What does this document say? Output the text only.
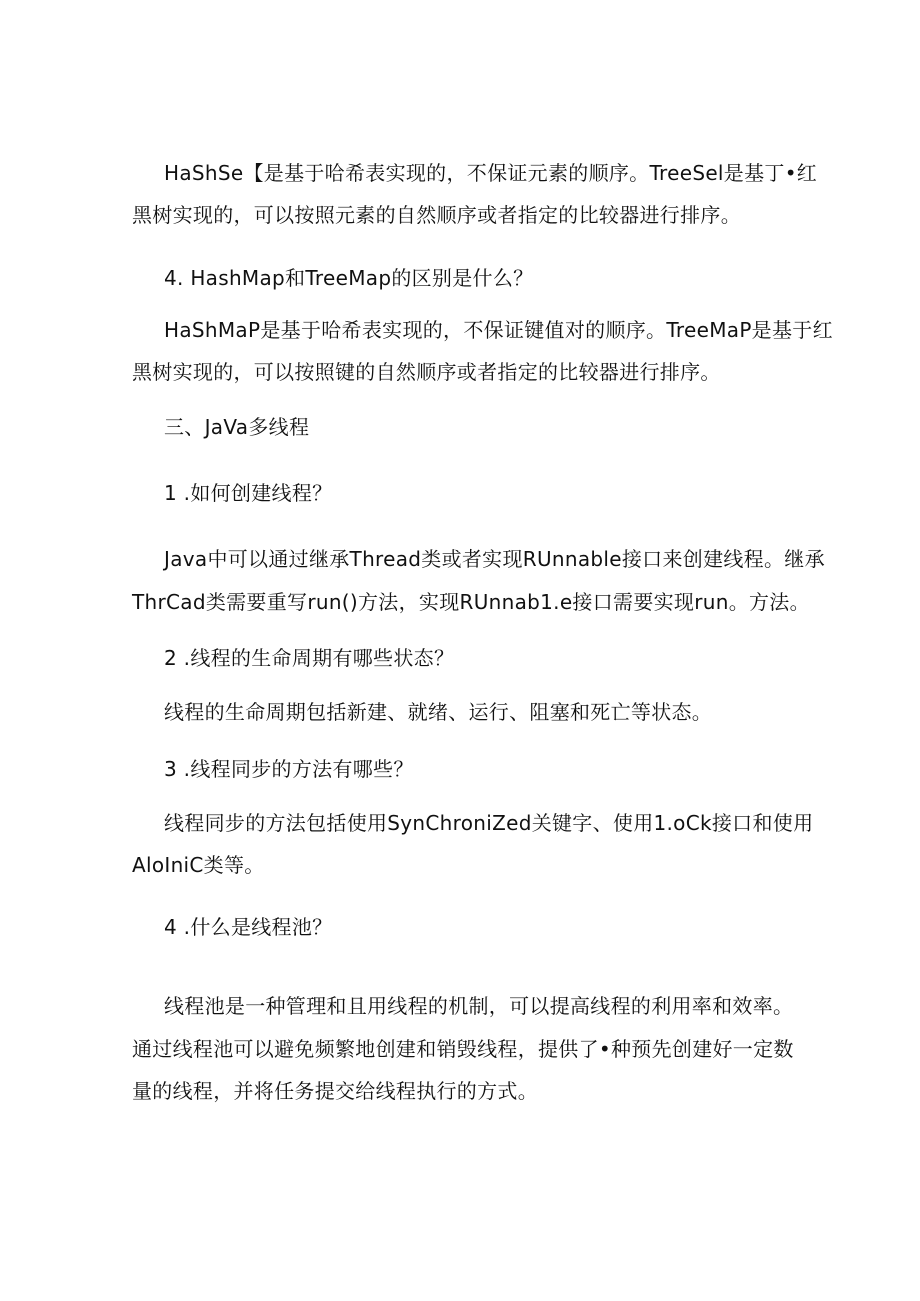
HaShSe【是基于哈希表实现的，不保证元素的顺序。TreeSel是基丁•红
黑树实现的，可以按照元素的自然顺序或者指定的比较器进行排序。
4. HashMap和TreeMap的区别是什么？
HaShMaP是基于哈希表实现的，不保证键值对的顺序。TreeMaP是基于红
黑树实现的，可以按照键的自然顺序或者指定的比较器进行排序。
三、JaVa多线程
1 .如何创建线程？
Java中可以通过继承Thread类或者实现RUnnable接口来创建线程。继承
ThrCad类需要重写run()方法，实现RUnnab1.e接口需要实现run。方法。
2 .线程的生命周期有哪些状态？
线程的生命周期包括新建、就绪、运行、阻塞和死亡等状态。
3 .线程同步的方法有哪些？
线程同步的方法包括使用SynChroniZed关键字、使用1.oCk接口和使用
AloIniC类等。
4 .什么是线程池？
线程池是一种管理和且用线程的机制，可以提高线程的利用率和效率。
通过线程池可以避免频繁地创建和销毁线程，提供了•种预先创建好一定数
量的线程，并将任务提交给线程执行的方式。
